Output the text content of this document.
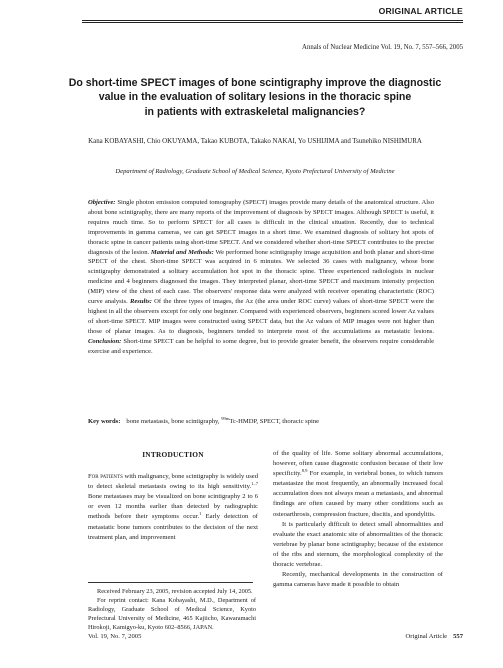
ORIGINAL ARTICLE
Annals of Nuclear Medicine Vol. 19, No. 7, 557–566, 2005
Do short-time SPECT images of bone scintigraphy improve the diagnostic
value in the evaluation of solitary lesions in the thoracic spine
in patients with extraskeletal malignancies?
Kana KOBAYASHI, Chio OKUYAMA, Takao KUBOTA, Takako NAKAI, Yo USHIJIMA and Tsunehiko NISHIMURA
Department of Radiology, Graduate School of Medical Science, Kyoto Prefectural University of Medicine
Objective: Single photon emission computed tomography (SPECT) images provide many details of the anatomical structure. Also about bone scintigraphy, there are many reports of the improvement of diagnosis by SPECT images. Although SPECT is useful, it requires much time. So to perform SPECT for all cases is difficult in the clinical situation. Recently, due to technical improvements in gamma cameras, we can get SPECT images in a short time. We examined diagnosis of solitary hot spots of thoracic spine in cancer patients using short-time SPECT. And we considered whether short-time SPECT contributes to the precise diagnosis of the lesion. Material and Methods: We performed bone scintigraphy image acquisition and both planar and short-time SPECT of the chest. Short-time SPECT was acquired in 6 minutes. We selected 36 cases with malignancy, whose bone scintigraphy demonstrated a solitary accumulation hot spot in the thoracic spine. Three experienced radiologists in nuclear medicine and 4 beginners diagnosed the images. They interpreted planar, short-time SPECT and maximum intensity projection (MIP) view of the chest of each case. The observers' response data were analyzed with receiver operating characteristic (ROC) curve analysis. Results: Of the three types of images, the Az (the area under ROC curve) values of short-time SPECT were the highest in all the observers except for only one beginner. Compared with experienced observers, beginners scored lower Az values of short-time SPECT. MIP images were constructed using SPECT data, but the Az values of MIP images were not higher than those of planar images. As to diagnosis, beginners tended to interprete most of the accumulations as metastatic lesions. Conclusion: Short-time SPECT can be helpful to some degree, but to provide greater benefit, the observers require considerable exercise and experience.
Key words: bone metastasis, bone scintigraphy, $^{99m}$Tc-HMDP, SPECT, thoracic spine
INTRODUCTION

For patients with malignancy, bone scintigraphy is widely used to detect skeletal metastasis owing to its high sensitivity.$^{1-7}$ Bone metastases may be visualized on bone scintigraphy 2 to 6 or even 12 months earlier than detected by radiographic methods before their symptoms occur.$^1$ Early detection of metastatic bone tumors contributes to the decision of the next treatment plan, and improvement

of the quality of life. Some solitary abnormal accumulations, however, often cause diagnostic confusion because of their low specificity.$^{8,9}$ For example, in vertebral bones, to which tumors metastasize the most frequently, an abnormally increased focal accumulation does not always mean a metastasis, and abnormal findings are often caused by many other conditions such as osteoarthrosis, compression fracture, discitis, and spondylitis.

It is particularly difficult to detect small abnormalities and evaluate the exact anatomic site of abnormalities of the thoracic vertebrae by planar bone scintigraphy; because of the existence of the ribs and sternum, the morphological complexity of the thoracic vertebrae.

Recently, mechanical developments in the construction of gamma cameras have made it possible to obtain

Received February 23, 2005, revision accepted July 14, 2005.

For reprint contact: Kana Kobayashi, M.D., Department of Radiology, Graduate School of Medical Science, Kyoto Prefectural University of Medicine, 465 Kajiicho, Kawaramachi Hirokoji, Kamigyo-ku, Kyoto 602–8566, JAPAN.

Vol. 19, No. 7, 2005	Original Article 557
